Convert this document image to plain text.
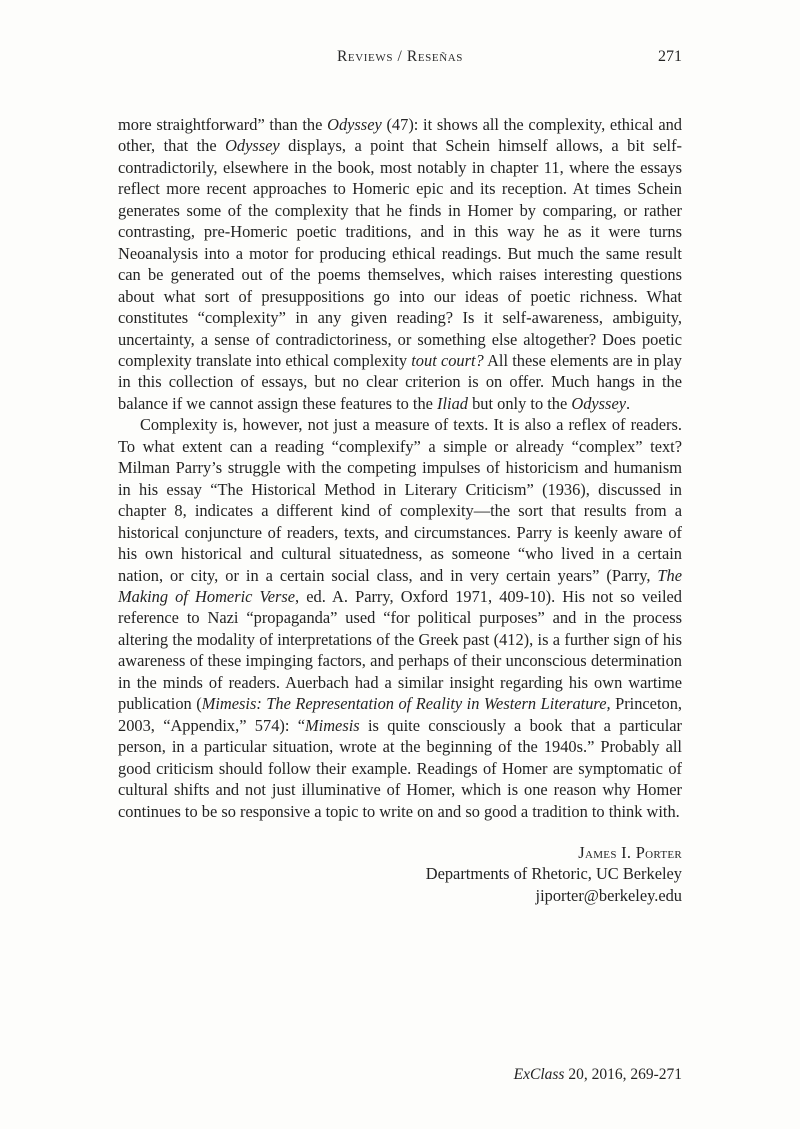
Reviews / Reseñas	271

more straightforward” than the Odyssey (47): it shows all the complexity, ethical and other, that the Odyssey displays, a point that Schein himself allows, a bit self-contradictorily, elsewhere in the book, most notably in chapter 11, where the essays reflect more recent approaches to Homeric epic and its reception. At times Schein generates some of the complexity that he finds in Homer by comparing, or rather contrasting, pre-Homeric poetic traditions, and in this way he as it were turns Neoanalysis into a motor for producing ethical readings. But much the same result can be generated out of the poems themselves, which raises interesting questions about what sort of presuppositions go into our ideas of poetic richness. What constitutes “complexity” in any given reading? Is it self-awareness, ambiguity, uncertainty, a sense of contradictoriness, or something else altogether? Does poetic complexity translate into ethical complexity tout court? All these elements are in play in this collection of essays, but no clear criterion is on offer. Much hangs in the balance if we cannot assign these features to the Iliad but only to the Odyssey.

Complexity is, however, not just a measure of texts. It is also a reflex of readers. To what extent can a reading “complexify” a simple or already “complex” text? Milman Parry’s struggle with the competing impulses of historicism and humanism in his essay “The Historical Method in Literary Criticism” (1936), discussed in chapter 8, indicates a different kind of complexity—the sort that results from a historical conjuncture of readers, texts, and circumstances. Parry is keenly aware of his own historical and cultural situatedness, as someone “who lived in a certain nation, or city, or in a certain social class, and in very certain years” (Parry, The Making of Homeric Verse, ed. A. Parry, Oxford 1971, 409-10). His not so veiled reference to Nazi “propaganda” used “for political purposes” and in the process altering the modality of interpretations of the Greek past (412), is a further sign of his awareness of these impinging factors, and perhaps of their unconscious determination in the minds of readers. Auerbach had a similar insight regarding his own wartime publication (Mimesis: The Representation of Reality in Western Literature, Princeton, 2003, “Appendix,” 574): “Mimesis is quite consciously a book that a particular person, in a particular situation, wrote at the beginning of the 1940s.” Probably all good criticism should follow their example. Readings of Homer are symptomatic of cultural shifts and not just illuminative of Homer, which is one reason why Homer continues to be so responsive a topic to write on and so good a tradition to think with.

James I. Porter
Departments of Rhetoric, UC Berkeley
jiporter@berkeley.edu
ExClass 20, 2016, 269-271
